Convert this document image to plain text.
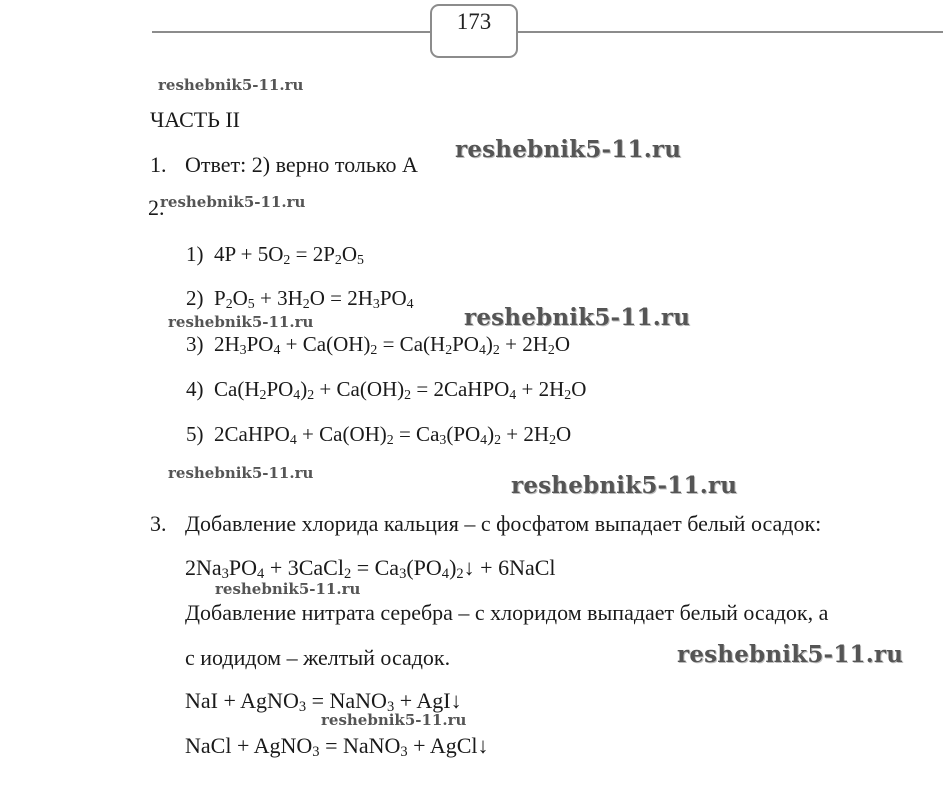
173
reshebnik5-11.ru
reshebnik5-11.ru
reshebnik5-11.ru
reshebnik5-11.ru	reshebnik5-11.ru
reshebnik5-11.ru	reshebnik5-11.ru
reshebnik5-11.ru
reshebnik5-11.ru
reshebnik5-11.ru
ЧАСТЬ II
1. Ответ: 2) верно только А
2.
1) $4P + 5O_2 = 2P_2O_5$
2) $P_2O_5 + 3H_2O = 2H_3PO_4$
3) $2H_3PO_4 + Ca(OH)_2 = Ca(H_2PO_4)_2 + 2H_2O$
4) $Ca(H_2PO_4)_2 + Ca(OH)_2$ = 2CaHPO$_4$ + $2H_2O$
5) 2CaHPO$_4$ + $Ca(OH)_2 = Ca_3(PO_4)_2 + 2H_2O$
3. Добавление хлорида кальция – с фосфатом выпадает белый осадок:
$2Na_3PO_4$ + 3CaCl$_2$ = $Ca_3(PO_4)_2↓$ + 6NaCl
Добавление нитрата серебра – с хлоридом выпадает белый осадок, а
с иодидом – желтый осадок.
NaI + AgNO$_3$ = NaNO$_3$ + AgI↓
NaCl + AgNO$_3$ = NaNO$_3$ + AgCl↓
